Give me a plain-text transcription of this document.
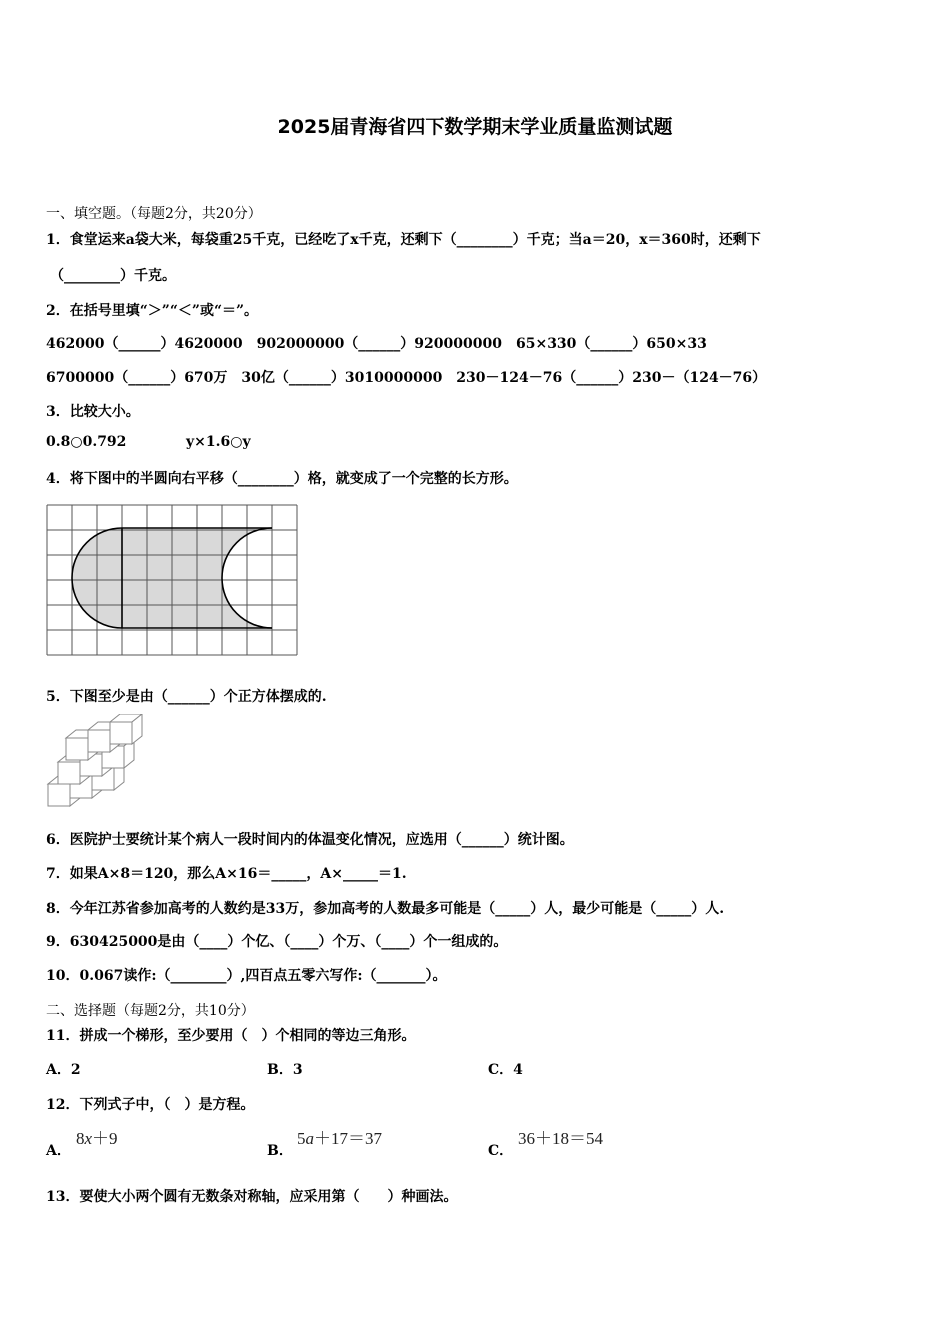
2025届青海省四下数学期末学业质量监测试题
一、填空题。（每题2分，共20分）
1．食堂运来a袋大米，每袋重25千克，已经吃了x千克，还剩下（________）千克；当a＝20，x＝360时，还剩下
（________）千克。
2．在括号里填“＞”“＜”或“＝”。
462000（______）4620000　902000000（______）920000000　65×330（______）650×33
6700000（______）670万　30亿（______）3010000000　230－124－76（______）230－（124－76）
3．比较大小。
0.8○0.792	y×1.6○y
4．将下图中的半圆向右平移（________）格，就变成了一个完整的长方形。
5．下图至少是由（______）个正方体摆成的.
6．医院护士要统计某个病人一段时间内的体温变化情况，应选用（______）统计图。
7．如果A×8＝120，那么A×16＝_____，A×_____＝1.
8．今年江苏省参加高考的人数约是33万，参加高考的人数最多可能是（_____）人，最少可能是（_____）人.
9．630425000是由（____）个亿、（____）个万、（____）个一组成的。
10．0.067读作:（________）,四百点五零六写作:（_______）。
二、选择题（每题2分，共10分）
11．拼成一个梯形，至少要用（　）个相同的等边三角形。
A．2	B．3	C．4
12．下列式子中，（　）是方程。
A．
8x＋9
B．
5a＋17＝37
C．
36＋18＝54
13．要使大小两个圆有无数条对称轴，应采用第（　　）种画法。
